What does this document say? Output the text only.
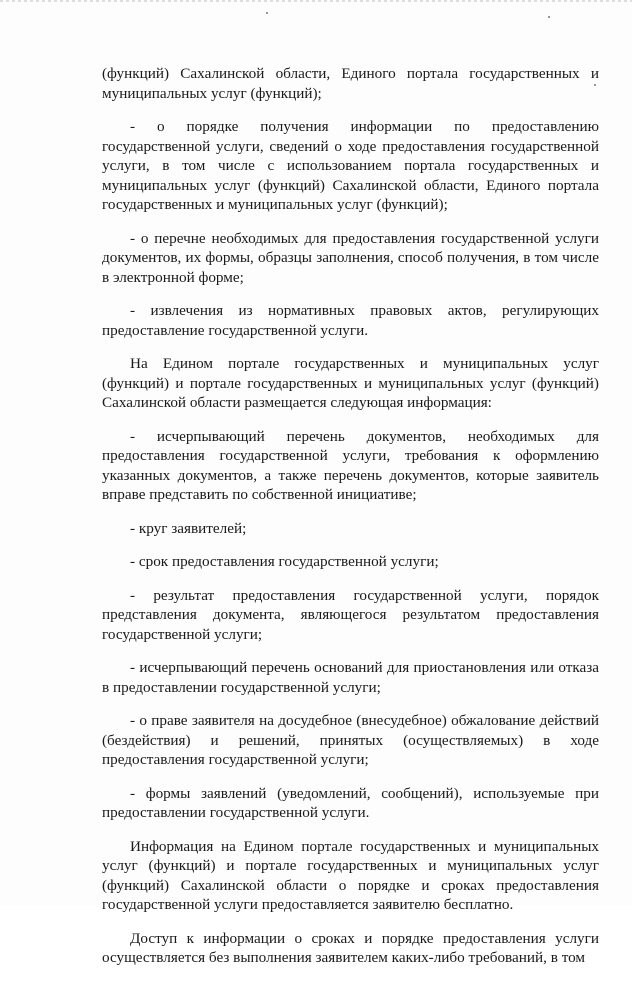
(функций) Сахалинской области, Единого портала государственных и муниципальных услуг (функций);

- о порядке получения информации по предоставлению государственной услуги, сведений о ходе предоставления государственной услуги, в том числе с использованием портала государственных и муниципальных услуг (функций) Сахалинской области, Единого портала государственных и муниципальных услуг (функций);

- о перечне необходимых для предоставления государственной услуги документов, их формы, образцы заполнения, способ получения, в том числе в электронной форме;

- извлечения из нормативных правовых актов, регулирующих предоставление государственной услуги.

На Едином портале государственных и муниципальных услуг (функций) и портале государственных и муниципальных услуг (функций) Сахалинской области размещается следующая информация:

- исчерпывающий перечень документов, необходимых для предоставления государственной услуги, требования к оформлению указанных документов, а также перечень документов, которые заявитель вправе представить по собственной инициативе;

- круг заявителей;

- срок предоставления государственной услуги;

- результат предоставления государственной услуги, порядок представления документа, являющегося результатом предоставления государственной услуги;

- исчерпывающий перечень оснований для приостановления или отказа в предоставлении государственной услуги;

- о праве заявителя на досудебное (внесудебное) обжалование действий (бездействия) и решений, принятых (осуществляемых) в ходе предоставления государственной услуги;

- формы заявлений (уведомлений, сообщений), используемые при предоставлении государственной услуги.

Информация на Едином портале государственных и муниципальных услуг (функций) и портале государственных и муниципальных услуг (функций) Сахалинской области о порядке и сроках предоставления государственной услуги предоставляется заявителю бесплатно.

Доступ к информации о сроках и порядке предоставления услуги осуществляется без выполнения заявителем каких-либо требований, в том
